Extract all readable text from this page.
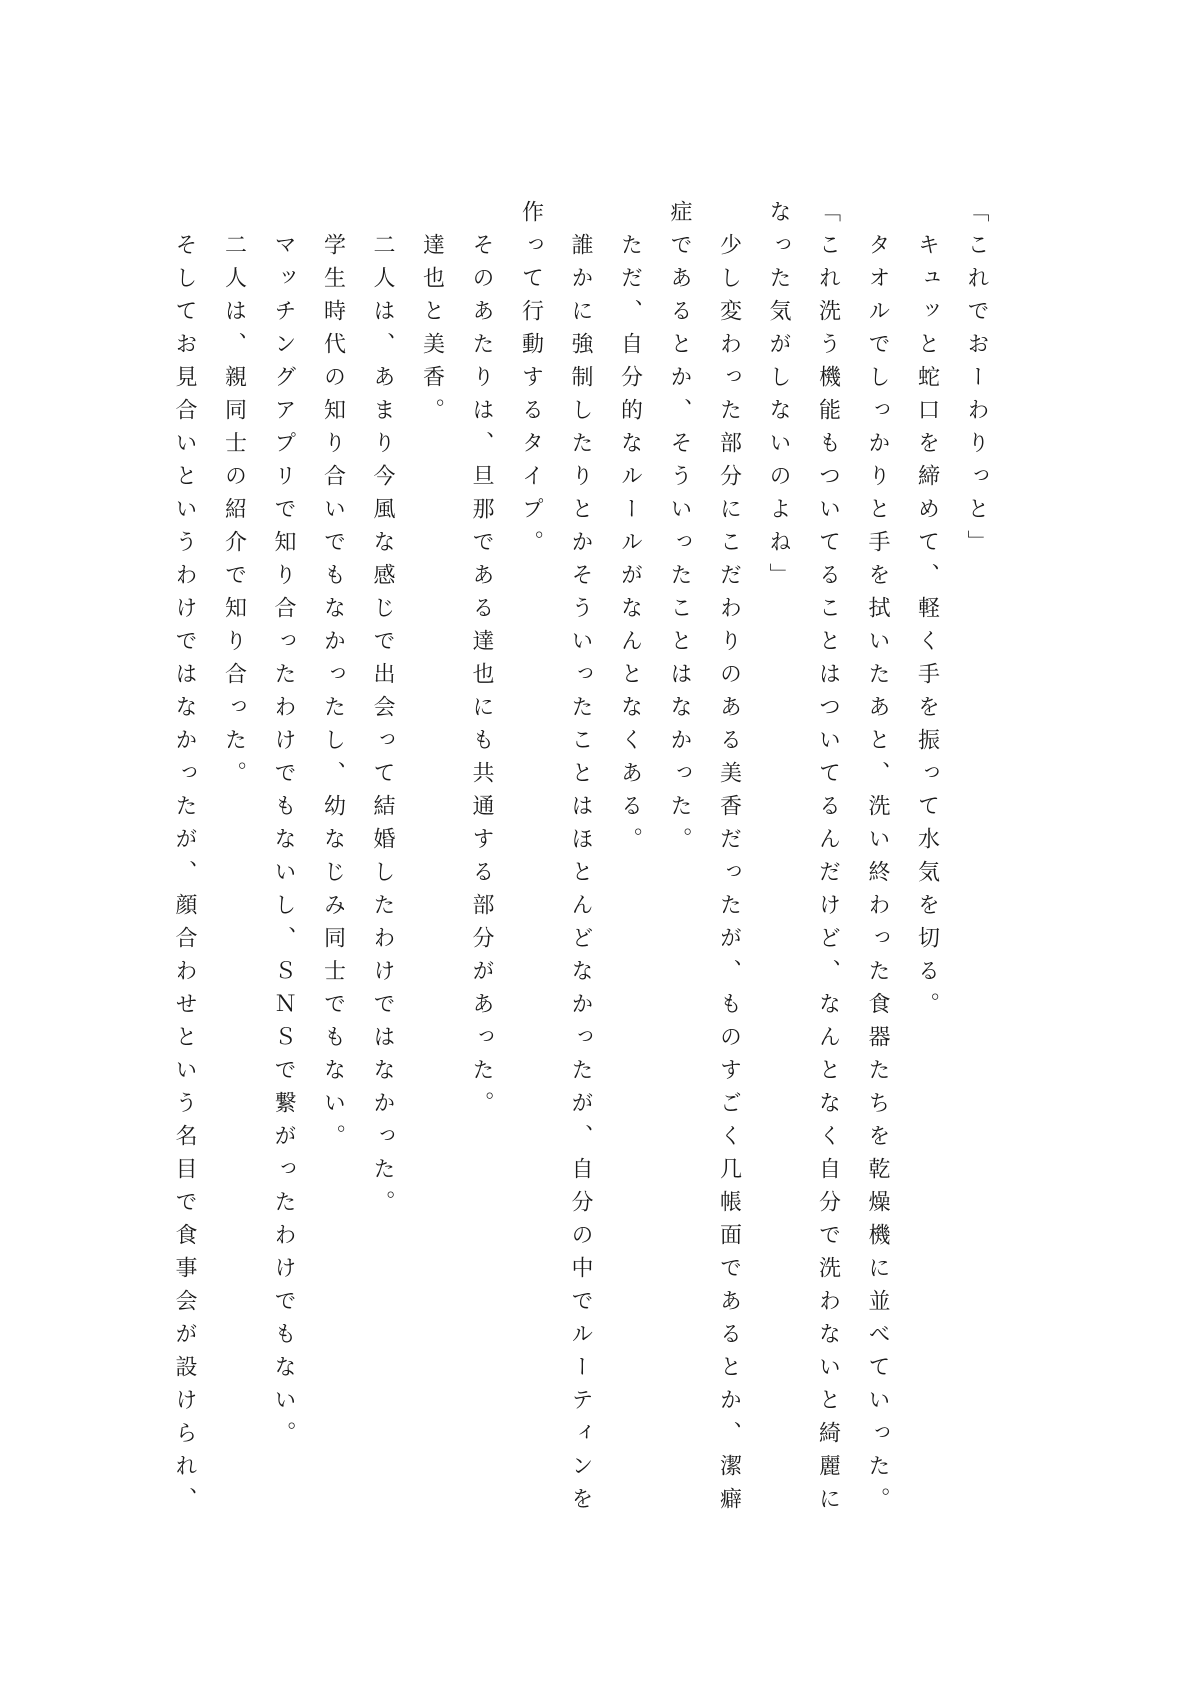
「これでおーわりっと」

　キュッと蛇口を締めて、軽く手を振って水気を切る。

　タオルでしっかりと手を拭いたあと、洗い終わった食器たちを乾燥機に並べていった。

「これ洗う機能もついてることはついてるんだけど、なんとなく自分で洗わないと綺麗に

なった気がしないのよね」

　少し変わった部分にこだわりのある美香だったが、ものすごく几帳面であるとか、潔癖

症であるとか、そういったことはなかった。

　ただ、自分的なルールがなんとなくある。

　誰かに強制したりとかそういったことはほとんどなかったが、自分の中でルーティンを

作って行動するタイプ。

　そのあたりは、旦那である達也にも共通する部分があった。

　達也と美香。

　二人は、あまり今風な感じで出会って結婚したわけではなかった。

　学生時代の知り合いでもなかったし、幼なじみ同士でもない。

　マッチングアプリで知り合ったわけでもないし、ＳＮＳで繋がったわけでもない。

　二人は、親同士の紹介で知り合った。

　そしてお見合いというわけではなかったが、顔合わせという名目で食事会が設けられ、
